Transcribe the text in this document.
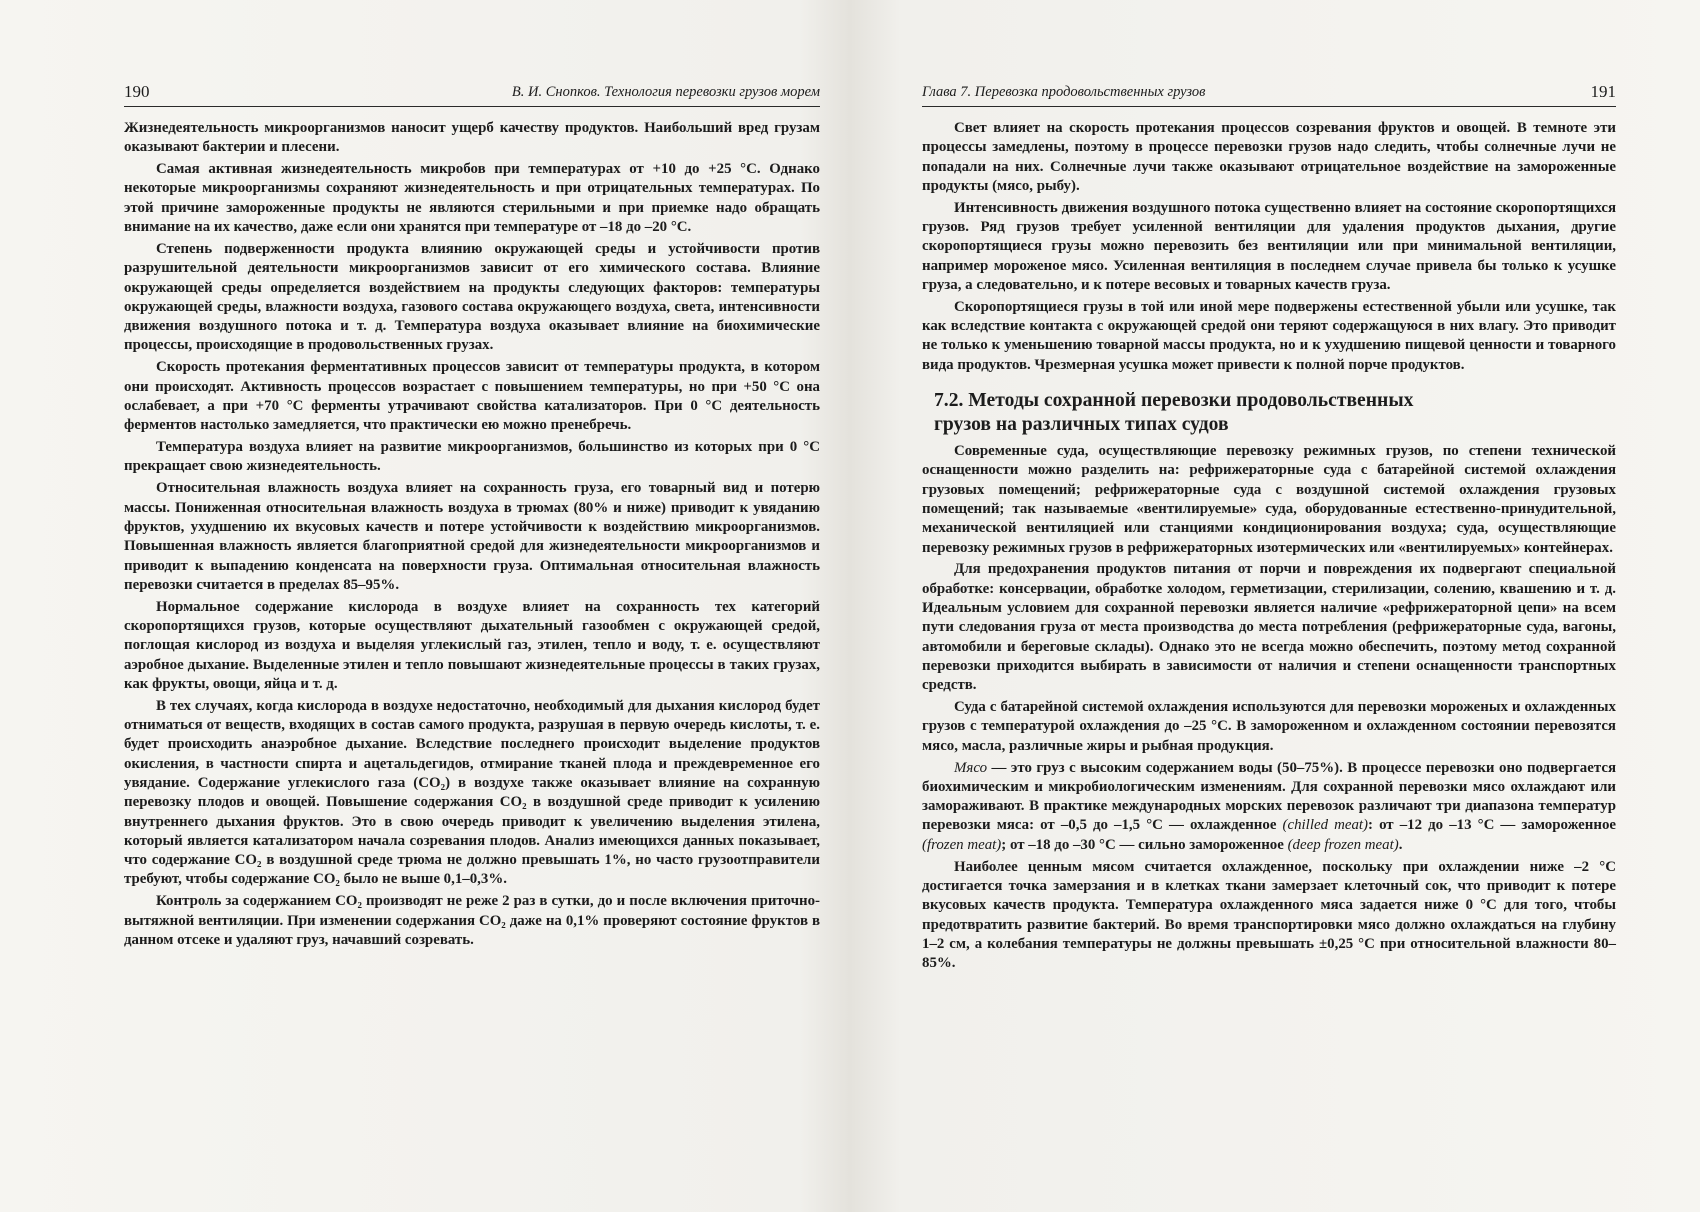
190	В. И. Снопков. Технология перевозки грузов морем

Жизнедеятельность микроорганизмов наносит ущерб качеству продуктов. Наибольший вред грузам оказывают бактерии и плесени.

Самая активная жизнедеятельность микробов при температурах от +10 до +25 °С. Однако некоторые микроорганизмы сохраняют жизнедеятельность и при отрицательных температурах. По этой причине замороженные продукты не являются стерильными и при приемке надо обращать внимание на их качество, даже если они хранятся при температуре от –18 до –20 °С.

Степень подверженности продукта влиянию окружающей среды и устойчивости против разрушительной деятельности микроорганизмов зависит от его химического состава. Влияние окружающей среды определяется воздействием на продукты следующих факторов: температуры окружающей среды, влажности воздуха, газового состава окружающего воздуха, света, интенсивности движения воздушного потока и т. д. Температура воздуха оказывает влияние на биохимические процессы, происходящие в продовольственных грузах.

Скорость протекания ферментативных процессов зависит от температуры продукта, в котором они происходят. Активность процессов возрастает с повышением температуры, но при +50 °С она ослабевает, а при +70 °С ферменты утрачивают свойства катализаторов. При 0 °С деятельность ферментов настолько замедляется, что практически ею можно пренебречь.

Температура воздуха влияет на развитие микроорганизмов, большинство из которых при 0 °С прекращает свою жизнедеятельность.

Относительная влажность воздуха влияет на сохранность груза, его товарный вид и потерю массы. Пониженная относительная влажность воздуха в трюмах (80% и ниже) приводит к увяданию фруктов, ухудшению их вкусовых качеств и потере устойчивости к воздействию микроорганизмов. Повышенная влажность является благоприятной средой для жизнедеятельности микроорганизмов и приводит к выпадению конденсата на поверхности груза. Оптимальная относительная влажность перевозки считается в пределах 85–95%.

Нормальное содержание кислорода в воздухе влияет на сохранность тех категорий скоропортящихся грузов, которые осуществляют дыхательный газообмен с окружающей средой, поглощая кислород из воздуха и выделяя углекислый газ, этилен, тепло и воду, т. е. осуществляют аэробное дыхание. Выделенные этилен и тепло повышают жизнедеятельные процессы в таких грузах, как фрукты, овощи, яйца и т. д.

В тех случаях, когда кислорода в воздухе недостаточно, необходимый для дыхания кислород будет отниматься от веществ, входящих в состав самого продукта, разрушая в первую очередь кислоты, т. е. будет происходить анаэробное дыхание. Вследствие последнего происходит выделение продуктов окисления, в частности спирта и ацетальдегидов, отмирание тканей плода и преждевременное его увядание. Содержание углекислого газа (CO₂) в воздухе также оказывает влияние на сохранную перевозку плодов и овощей. Повышение содержания CO₂ в воздушной среде приводит к усилению внутреннего дыхания фруктов. Это в свою очередь приводит к увеличению выделения этилена, который является катализатором начала созревания плодов. Анализ имеющихся данных показывает, что содержание CO₂ в воздушной среде трюма не должно превышать 1%, но часто грузоотправители требуют, чтобы содержание CO₂ было не выше 0,1–0,3%.

Контроль за содержанием CO₂ производят не реже 2 раз в сутки, до и после включения приточно-вытяжной вентиляции. При изменении содержания CO₂ даже на 0,1% проверяют состояние фруктов в данном отсеке и удаляют груз, начавший созревать.

Глава 7. Перевозка продовольственных грузов	191

Свет влияет на скорость протекания процессов созревания фруктов и овощей. В темноте эти процессы замедлены, поэтому в процессе перевозки грузов надо следить, чтобы солнечные лучи не попадали на них. Солнечные лучи также оказывают отрицательное воздействие на замороженные продукты (мясо, рыбу).

Интенсивность движения воздушного потока существенно влияет на состояние скоропортящихся грузов. Ряд грузов требует усиленной вентиляции для удаления продуктов дыхания, другие скоропортящиеся грузы можно перевозить без вентиляции или при минимальной вентиляции, например мороженое мясо. Усиленная вентиляция в последнем случае привела бы только к усушке груза, а следовательно, и к потере весовых и товарных качеств груза.

Скоропортящиеся грузы в той или иной мере подвержены естественной убыли или усушке, так как вследствие контакта с окружающей средой они теряют содержащуюся в них влагу. Это приводит не только к уменьшению товарной массы продукта, но и к ухудшению пищевой ценности и товарного вида продуктов. Чрезмерная усушка может привести к полной порче продуктов.

7.2. Методы сохранной перевозки продовольственных
грузов на различных типах судов

Современные суда, осуществляющие перевозку режимных грузов, по степени технической оснащенности можно разделить на: рефрижераторные суда с батарейной системой охлаждения грузовых помещений; рефрижераторные суда с воздушной системой охлаждения грузовых помещений; так называемые «вентилируемые» суда, оборудованные естественно-принудительной, механической вентиляцией или станциями кондиционирования воздуха; суда, осуществляющие перевозку режимных грузов в рефрижераторных изотермических или «вентилируемых» контейнерах.

Для предохранения продуктов питания от порчи и повреждения их подвергают специальной обработке: консервации, обработке холодом, герметизации, стерилизации, солению, квашению и т. д. Идеальным условием для сохранной перевозки является наличие «рефрижераторной цепи» на всем пути следования груза от места производства до места потребления (рефрижераторные суда, вагоны, автомобили и береговые склады). Однако это не всегда можно обеспечить, поэтому метод сохранной перевозки приходится выбирать в зависимости от наличия и степени оснащенности транспортных средств.

Суда с батарейной системой охлаждения используются для перевозки мороженых и охлажденных грузов с температурой охлаждения до –25 °С. В замороженном и охлажденном состоянии перевозятся мясо, масла, различные жиры и рыбная продукция.

Мясо — это груз с высоким содержанием воды (50–75%). В процессе перевозки оно подвергается биохимическим и микробиологическим изменениям. Для сохранной перевозки мясо охлаждают или замораживают. В практике международных морских перевозок различают три диапазона температур перевозки мяса: от –0,5 до –1,5 °С — охлажденное (chilled meat): от –12 до –13 °С — замороженное (frozen meat); от –18 до –30 °С — сильно замороженное (deep frozen meat).

Наиболее ценным мясом считается охлажденное, поскольку при охлаждении ниже –2 °С достигается точка замерзания и в клетках ткани замерзает клеточный сок, что приводит к потере вкусовых качеств продукта. Температура охлажденного мяса задается ниже 0 °С для того, чтобы предотвратить развитие бактерий. Во время транспортировки мясо должно охлаждаться на глубину 1–2 см, а колебания температуры не должны превышать ±0,25 °С при относительной влажности 80–85%.
